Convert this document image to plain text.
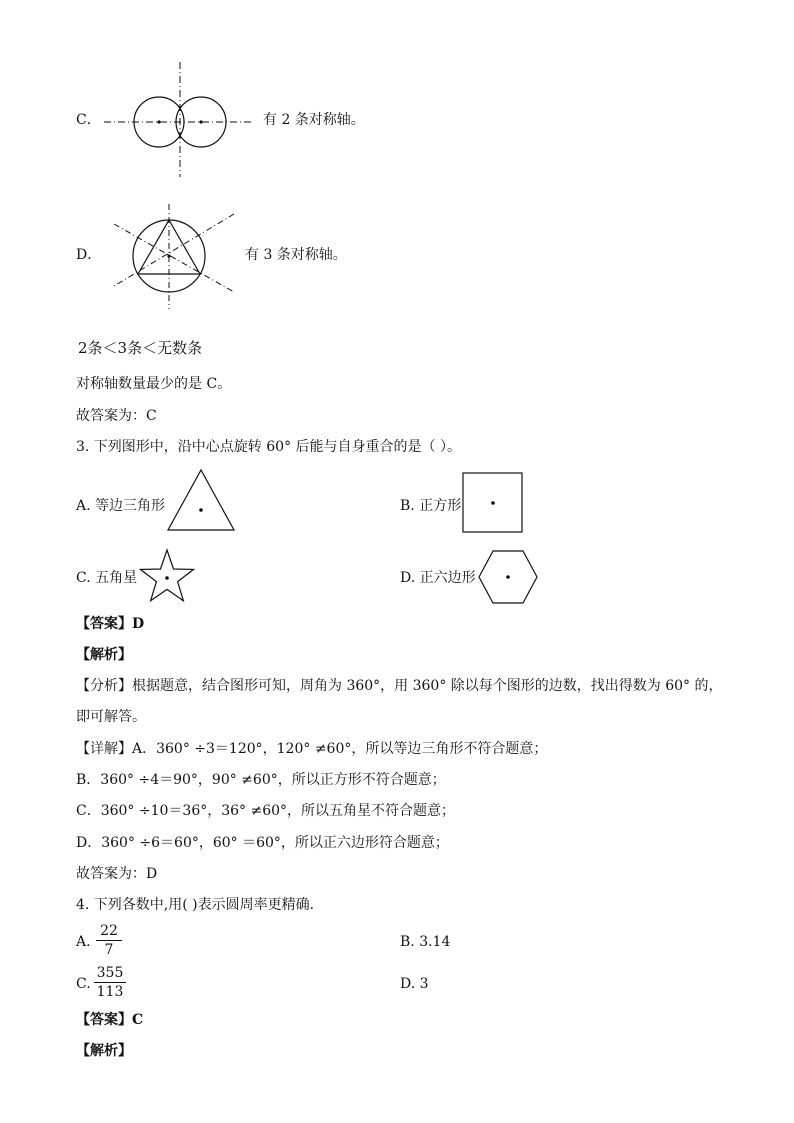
C．	有 2 条对称轴。
D．	有 3 条对称轴。
2条＜3条＜无数条
对称轴数量最少的是 C。
故答案为：C
3. 下列图形中，沿中心点旋转 60° 后能与自身重合的是（ ）。
A. 等边三角形	B. 正方形
C. 五角星	D. 正六边形
【答案】D
【解析】
【分析】根据题意，结合图形可知，周角为 360°，用 360° 除以每个图形的边数，找出得数为 60° 的，
即可解答。
【详解】A．360° ÷3＝120°，120° ≠60°，所以等边三角形不符合题意；
B．360° ÷4＝90°，90° ≠60°，所以正方形不符合题意；
C．360° ÷10＝36°，36° ≠60°，所以五角星不符合题意；
D．360° ÷6＝60°，60° ＝60°，所以正六边形符合题意；
故答案为：D
4. 下列各数中,用( )表示圆周率更精确．
A. $\frac{22}{7}$	B. 3.14
C. $\frac{355}{113}$	D. 3
【答案】C
【解析】
